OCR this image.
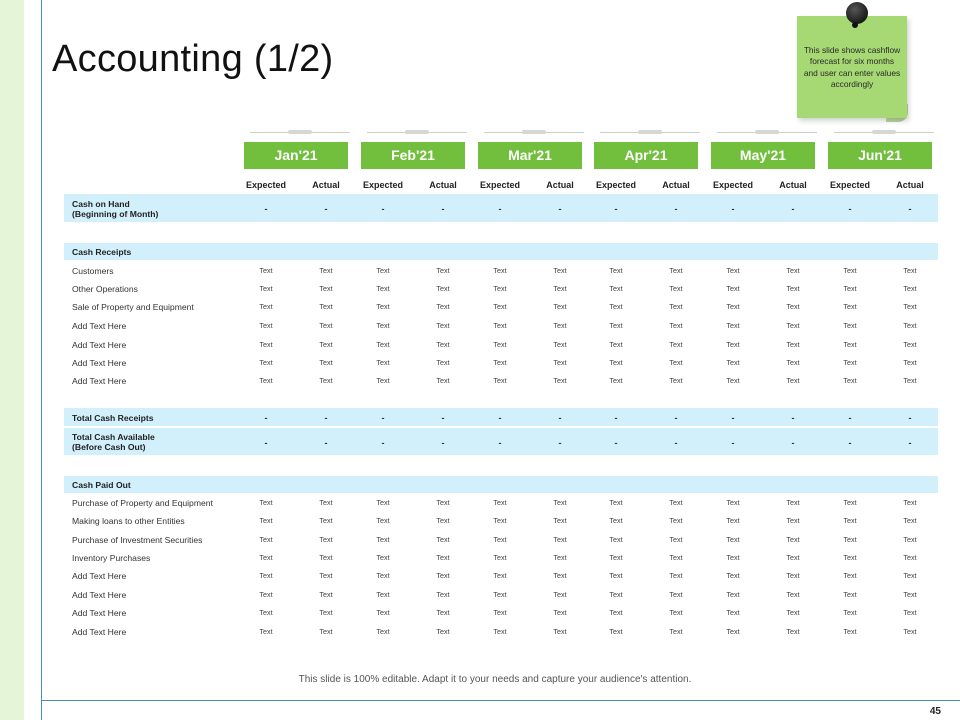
Accounting (1/2)	This slide shows cashflow forecast for six months and user can enter values accordingly
This slide is 100% editable. Adapt it to your needs and capture your audience's attention.
45
Jan'21	Feb'21	Mar'21	Apr'21	May'21	Jun'21
Expected	Actual	Expected	Actual	Expected	Actual	Expected	Actual	Expected	Actual	Expected	Actual
Cash on Hand
(Beginning of Month)	-	-	-	-	-	-	-	-	-	-	-	-
Cash Receipts
Customers	Text	Text	Text	Text	Text	Text	Text	Text	Text	Text	Text	Text
Other Operations	Text	Text	Text	Text	Text	Text	Text	Text	Text	Text	Text	Text
Sale of Property and Equipment	Text	Text	Text	Text	Text	Text	Text	Text	Text	Text	Text	Text
Add Text Here	Text	Text	Text	Text	Text	Text	Text	Text	Text	Text	Text	Text
Add Text Here	Text	Text	Text	Text	Text	Text	Text	Text	Text	Text	Text	Text
Add Text Here	Text	Text	Text	Text	Text	Text	Text	Text	Text	Text	Text	Text
Add Text Here	Text	Text	Text	Text	Text	Text	Text	Text	Text	Text	Text	Text
Total Cash Receipts	-	-	-	-	-	-	-	-	-	-	-	-
Total Cash Available
(Before Cash Out)	-	-	-	-	-	-	-	-	-	-	-	-
Cash Paid Out
Purchase of Property and Equipment	Text	Text	Text	Text	Text	Text	Text	Text	Text	Text	Text	Text
Making loans to other Entities	Text	Text	Text	Text	Text	Text	Text	Text	Text	Text	Text	Text
Purchase of Investment Securities	Text	Text	Text	Text	Text	Text	Text	Text	Text	Text	Text	Text
Inventory Purchases	Text	Text	Text	Text	Text	Text	Text	Text	Text	Text	Text	Text
Add Text Here	Text	Text	Text	Text	Text	Text	Text	Text	Text	Text	Text	Text
Add Text Here	Text	Text	Text	Text	Text	Text	Text	Text	Text	Text	Text	Text
Add Text Here	Text	Text	Text	Text	Text	Text	Text	Text	Text	Text	Text	Text
Add Text Here	Text	Text	Text	Text	Text	Text	Text	Text	Text	Text	Text	Text
